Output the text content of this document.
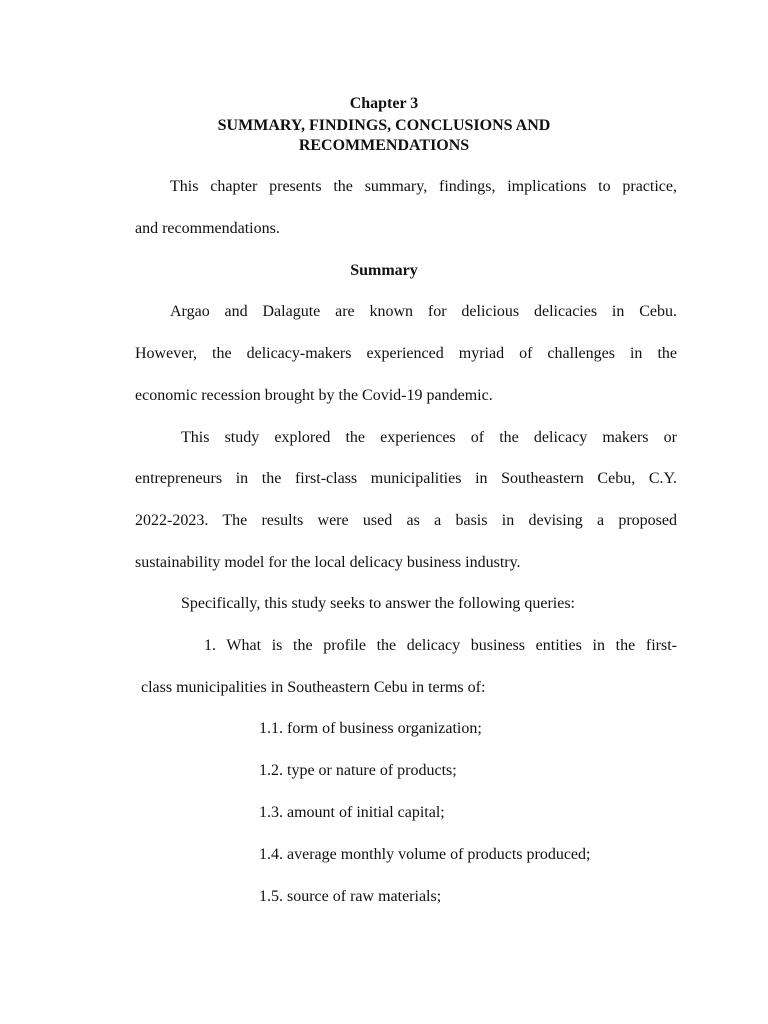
Chapter 3
SUMMARY, FINDINGS, CONCLUSIONS AND
RECOMMENDATIONS
This chapter presents the summary, findings, implications to practice,
and recommendations.
Summary
Argao and Dalagute are known for delicious delicacies in Cebu.
However, the delicacy-makers experienced myriad of challenges in the
economic recession brought by the Covid-19 pandemic.
This study explored the experiences of the delicacy makers or
entrepreneurs in the first-class municipalities in Southeastern Cebu, C.Y.
2022-2023. The results were used as a basis in devising a proposed
sustainability model for the local delicacy business industry.
Specifically, this study seeks to answer the following queries:
1. What is the profile the delicacy business entities in the first-
class municipalities in Southeastern Cebu in terms of:
1.1. form of business organization;
1.2. type or nature of products;
1.3. amount of initial capital;
1.4. average monthly volume of products produced;
1.5. source of raw materials;
